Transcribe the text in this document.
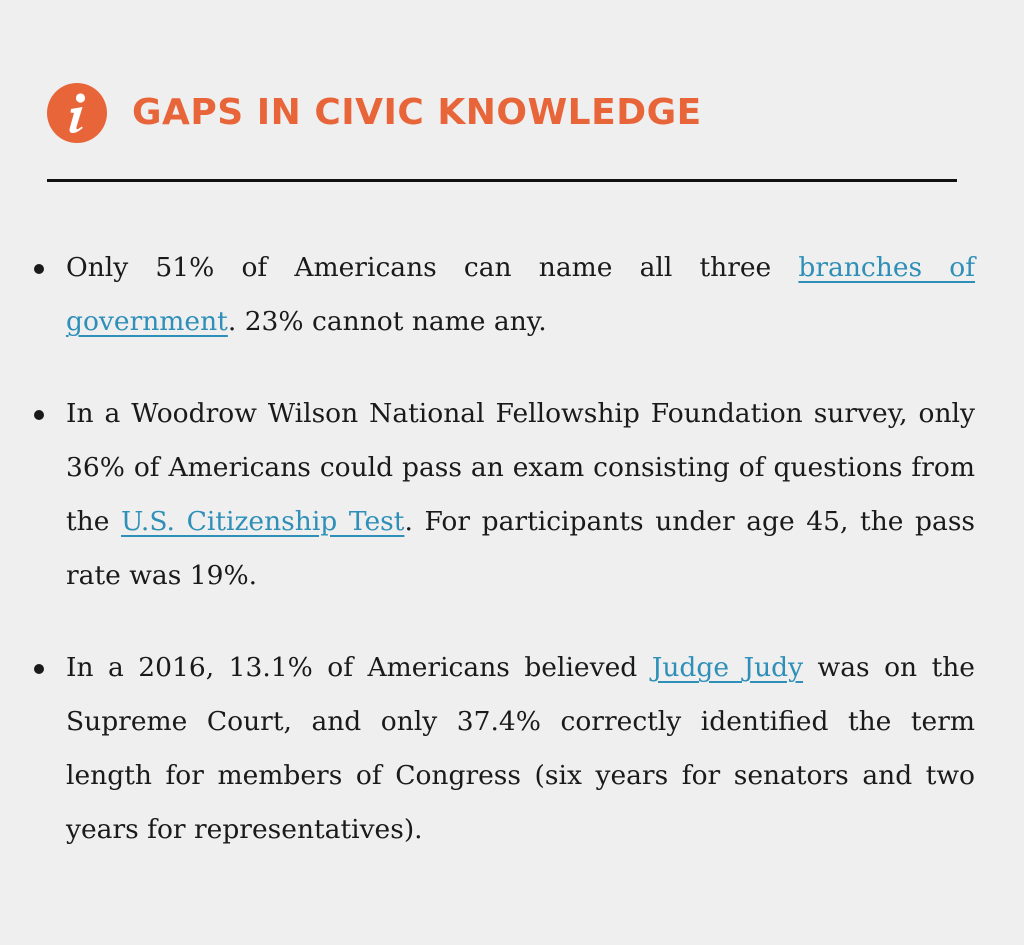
GAPS IN CIVIC KNOWLEDGE
Only 51% of Americans can name all three branches of government. 23% cannot name any.
In a Woodrow Wilson National Fellowship Foundation survey, only 36% of Americans could pass an exam consisting of questions from the U.S. Citizenship Test. For participants under age 45, the pass rate was 19%.
In a 2016, 13.1% of Americans believed Judge Judy was on the Supreme Court, and only 37.4% correctly identified the term length for members of Congress (six years for senators and two years for representatives).
